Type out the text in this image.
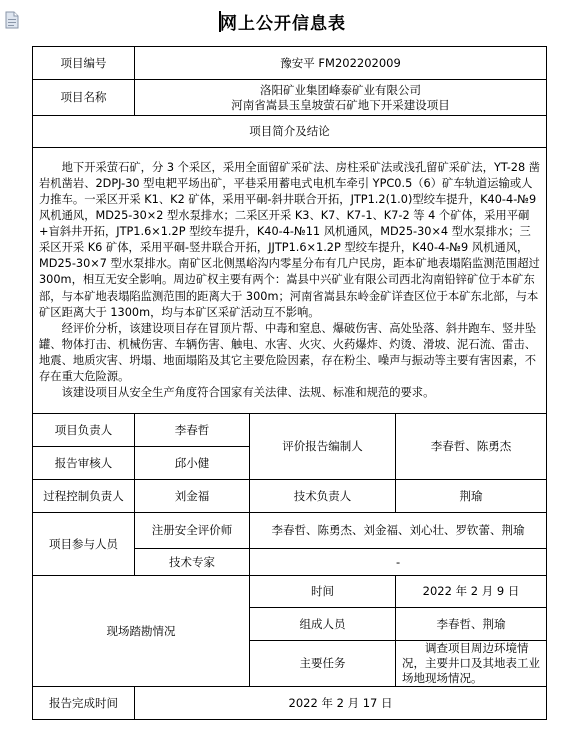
网上公开信息表
项目编号	豫安平 FM202202009		
项目名称	洛阳矿业集团峰泰矿业有限公司
河南省嵩县玉皇坡萤石矿地下开采建设项目		

项目简介及结论			

地下开采萤石矿，分 3 个采区，采用全面留矿采矿法、房柱采矿法或浅孔留矿采矿法，YT-28 凿岩机凿岩、2DPJ-30 型电耙平场出矿，平巷采用蓄电式电机车牵引 YPC0.5（6）矿车轨道运输或人力推车。一采区开采 K1、K2 矿体，采用平硐-斜井联合开拓，JTP1.2(1.0)型绞车提升，K40-4-№9 风机通风，MD25-30×2 型水泵排水；二采区开采 K3、K7、K7-1、K7-2 等 4 个矿体，采用平硐+盲斜井开拓，JTP1.6×1.2P 型绞车提升，K40-4-№11 风机通风，MD25-30×4 型水泵排水；三采区开采 K6 矿体，采用平硐-竖井联合开拓，JJTP1.6×1.2P 型绞车提升，K40-4-№9 风机通风，MD25-30×7 型水泵排水。南矿区北侧黑峪沟内零星分布有几户民房，距本矿地表塌陷监测范围超过 300m，相互无安全影响。周边矿权主要有两个：嵩县中兴矿业有限公司西北沟南铅锌矿位于本矿东部，与本矿地表塌陷监测范围的距离大于 300m；河南省嵩县东岭金矿详查区位于本矿东北部，与本矿区距离大于 1300m，均与本矿区采矿活动互不影响。

经评价分析，该建设项目存在冒顶片帮、中毒和窒息、爆破伤害、高处坠落、斜井跑车、竖井坠罐、物体打击、机械伤害、车辆伤害、触电、水害、火灾、火药爆炸、灼烫、滑坡、泥石流、雷击、地震、地质灾害、坍塌、地面塌陷及其它主要危险因素，存在粉尘、噪声与振动等主要有害因素，不存在重大危险源。

该建设项目从安全生产角度符合国家有关法律、法规、标准和规范的要求。			

项目负责人	李春哲	评价报告编制人	李春哲、陈勇杰
报告审核人	邱小健		
过程控制负责人	刘金福	技术负责人	荆瑜
项目参与人员	注册安全评价师	李春哲、陈勇杰、刘金福、刘心壮、罗钦蕾、荆瑜	
	技术专家	-	
现场踏勘情况		时间	2022 年 2 月 9 日
		组成人员	李春哲、荆瑜
		主要任务	调查项目周边环境情况，主要井口及其地表工业场地现场情况。
报告完成时间	2022 年 2 月 17 日		
